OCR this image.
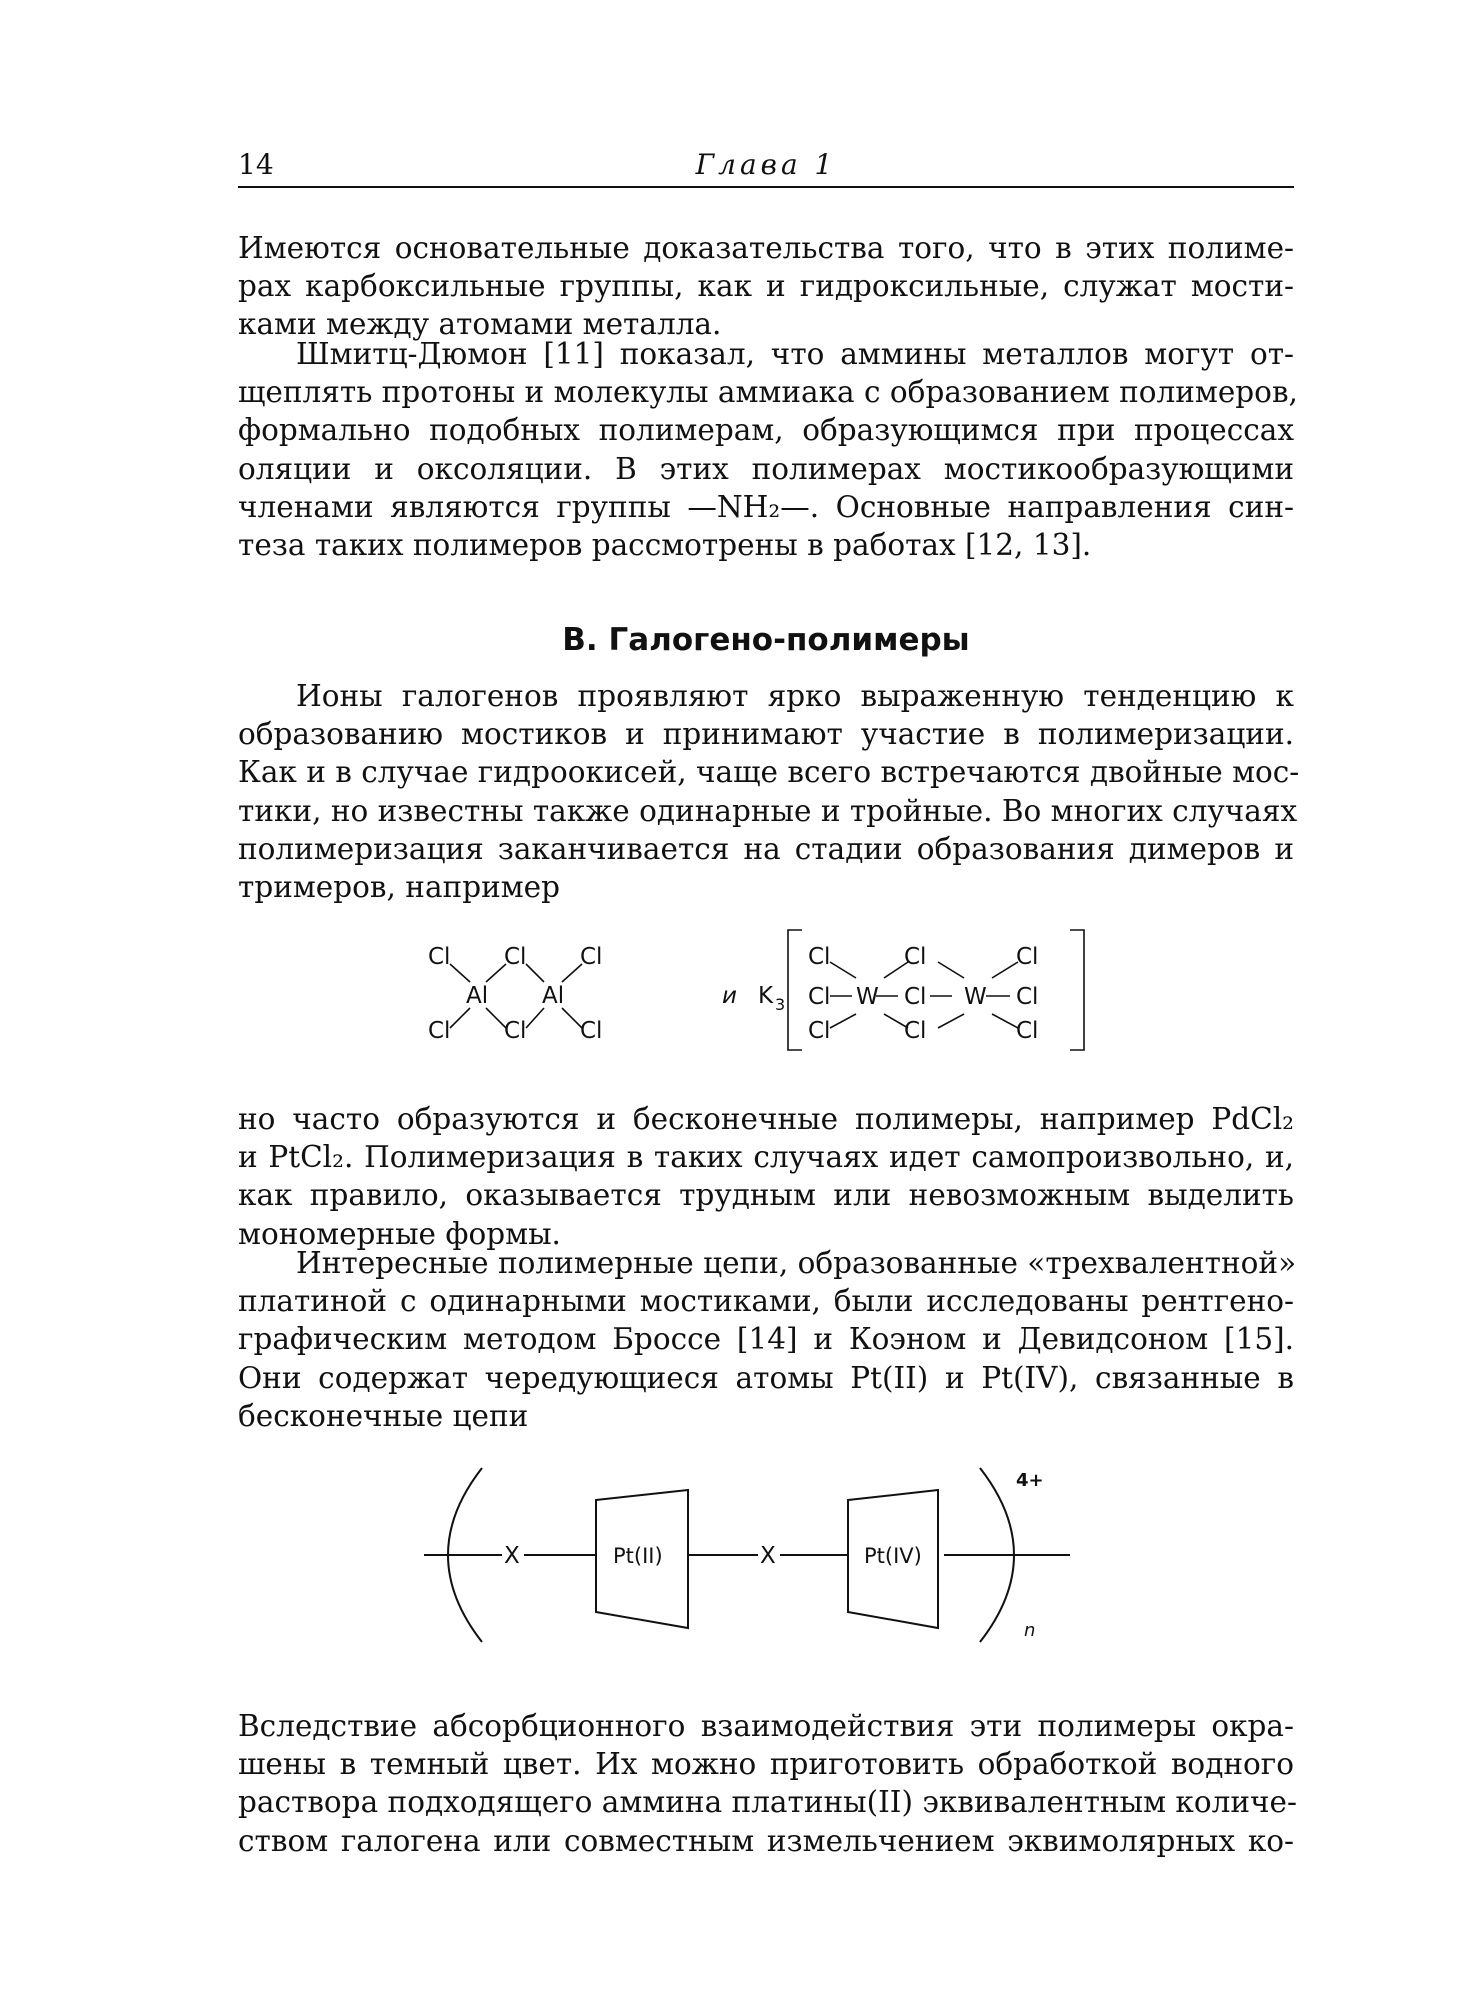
14	Глава 1
Имеются основательные доказательства того, что в этих полиме-
рах карбоксильные группы, как и гидроксильные, служат мости-
ками между атомами металла.
Шмитц-Дюмон [11] показал, что аммины металлов могут от-
щеплять протоны и молекулы аммиака с образованием полимеров,
формально подобных полимерам, образующимся при процессах
оляции и оксоляции. В этих полимерах мостикообразующими
членами являются группы —NH₂—. Основные направления син-
теза таких полимеров рассмотрены в работах [12, 13].
В. Галогено-полимеры
Ионы галогенов проявляют ярко выраженную тенденцию к
образованию мостиков и принимают участие в полимеризации.
Как и в случае гидроокисей, чаще всего встречаются двойные мос-
тики, но известны также одинарные и тройные. Во многих случаях
полимеризация заканчивается на стадии образования димеров и
тримеров, например
Cl Cl Cl
Al Al
Cl Cl Cl
и K 3
Cl
Cl
Cl
W
Cl
Cl
Cl
W
Cl
Cl
Cl
но часто образуются и бесконечные полимеры, например PdCl₂
и PtCl₂. Полимеризация в таких случаях идет самопроизвольно, и,
как правило, оказывается трудным или невозможным выделить
мономерные формы.
Интересные полимерные цепи, образованные «трехвалентной»
платиной с одинарными мостиками, были исследованы рентгено-
графическим методом Броссе [14] и Коэном и Девидсоном [15].
Они содержат чередующиеся атомы Pt(II) и Pt(IV), связанные в
бесконечные цепи
X	X
Pt(II)	Pt(IV)
4+
n
Вследствие абсорбционного взаимодействия эти полимеры окра-
шены в темный цвет. Их можно приготовить обработкой водного
раствора подходящего аммина платины(II) эквивалентным количе-
ством галогена или совместным измельчением эквимолярных ко-
